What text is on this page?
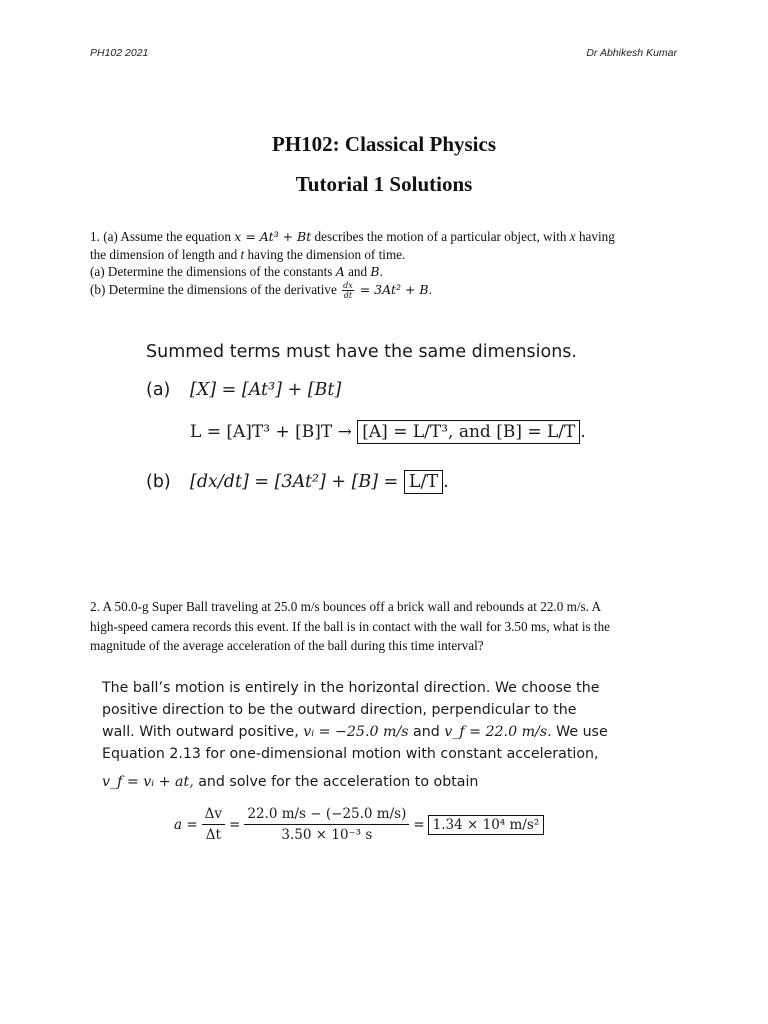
PH102 2021	Dr Abhikesh Kumar
PH102: Classical Physics
Tutorial 1 Solutions
1. (a) Assume the equation x = At³ + Bt describes the motion of a particular object, with x having
the dimension of length and t having the dimension of time.
(a) Determine the dimensions of the constants A and B.
(b) Determine the dimensions of the derivative $\frac{dx}{dt} = 3At^2 + B$.
Summed terms must have the same dimensions.
(a) [X] = [At³] + [Bt]
L = [A]T³ + [B]T → [A] = L/T³, and [B] = L/T .
(b) [dx/dt] = [3At²] + [B] = L/T .
2. A 50.0-g Super Ball traveling at 25.0 m/s bounces off a brick wall and rebounds at 22.0 m/s. A
high-speed camera records this event. If the ball is in contact with the wall for 3.50 ms, what is the
magnitude of the average acceleration of the ball during this time interval?
The ball’s motion is entirely in the horizontal direction. We choose the
positive direction to be the outward direction, perpendicular to the
wall. With outward positive, vᵢ = −25.0 m/s and v_f = 22.0 m/s. We use
Equation 2.13 for one-dimensional motion with constant acceleration,
v_f = vᵢ + at, and solve for the acceleration to obtain
$a = \frac{\Delta v}{\Delta t} = \frac{22.0 m/s - (-25.0 m/s)}{\text{3.50 × 10⁻³ s}} = 1.34 \times 10^4$ m/s²
